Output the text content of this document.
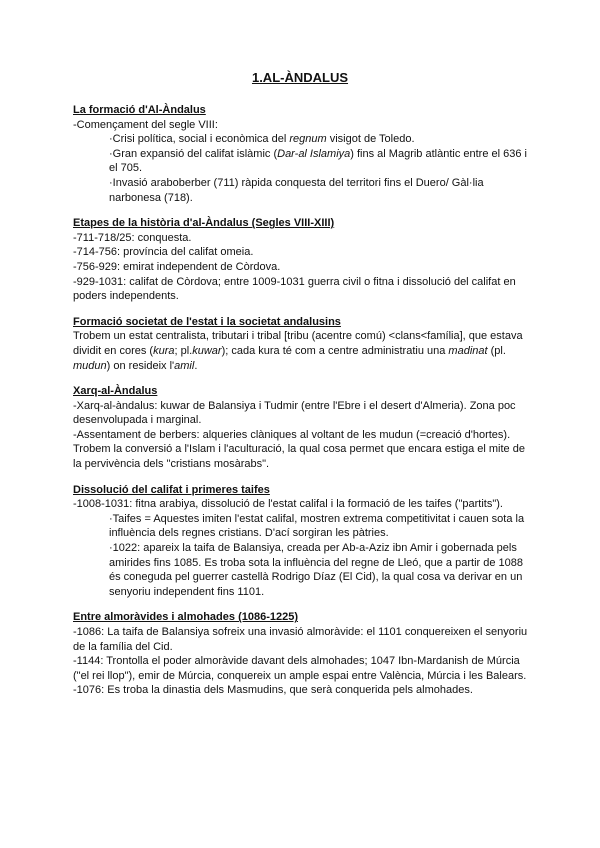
1.AL-ÀNDALUS
La formació d'Al-Àndalus

-Començament del segle VIII:

·Crisi política, social i econòmica del regnum visigot de Toledo.

·Gran expansió del califat islàmic (Dar-al Islamiya) fins al Magrib atlàntic entre el 636 i el 705.

·Invasió araboberber (711) ràpida conquesta del territori fins el Duero/ Gàl·lia narbonesa (718).

Etapes de la història d'al-Àndalus (Segles VIII-XIII)

-711-718/25: conquesta.

-714-756: província del califat omeia.

-756-929: emirat independent de Còrdova.

-929-1031: califat de Còrdova; entre 1009-1031 guerra civil o fitna i dissolució del califat en poders independents.

Formació societat de l'estat i la societat andalusins

Trobem un estat centralista, tributari i tribal [tribu (acentre comú) <clans<família], que estava dividit en cores (kura; pl.kuwar); cada kura té com a centre administratiu una madinat (pl. mudun) on resideix l'amil.

Xarq-al-Àndalus

-Xarq-al-àndalus: kuwar de Balansiya i Tudmir (entre l'Ebre i el desert d'Almeria). Zona poc desenvolupada i marginal.

-Assentament de berbers: alqueries clàniques al voltant de les mudun (=creació d'hortes). Trobem la conversió a l'Islam i l'aculturació, la qual cosa permet que encara estiga el mite de la pervivència dels "cristians mosàrabs".

Dissolució del califat i primeres taifes

-1008-1031: fitna arabiya, dissolució de l'estat califal i la formació de les taifes ("partits").

·Taifes = Aquestes imiten l'estat califal, mostren extrema competitivitat i cauen sota la influència dels regnes cristians. D'ací sorgiran les pàtries.

·1022: apareix la taifa de Balansiya, creada per Ab-a-Aziz ibn Amir i gobernada pels amirides fins 1085. Es troba sota la influència del regne de Lleó, que a partir de 1088 és coneguda pel guerrer castellà Rodrigo Díaz (El Cid), la qual cosa va derivar en un senyoriu independent fins 1101.

Entre almoràvides i almohades (1086-1225)

-1086: La taifa de Balansiya sofreix una invasió almoràvide: el 1101 conquereixen el senyoriu de la família del Cid.

-1144: Trontolla el poder almoràvide davant dels almohades; 1047 Ibn-Mardanish de Múrcia ("el rei llop"), emir de Múrcia, conquereix un ample espai entre València, Múrcia i les Balears.

-1076: Es troba la dinastia dels Masmudins, que serà conquerida pels almohades.
